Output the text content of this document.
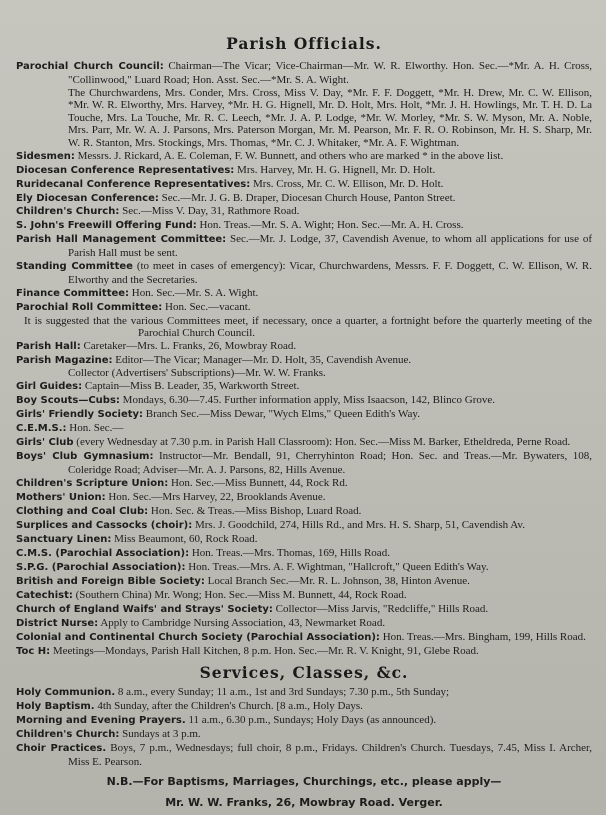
Parish Officials.
Parochial Church Council: Chairman—The Vicar; Vice-Chairman—Mr. W. R. Elworthy. Hon. Sec.—*Mr. A. H. Cross, "Collinwood," Luard Road; Hon. Asst. Sec.—*Mr. S. A. Wight.
The Churchwardens, Mrs. Conder, Mrs. Cross, Miss V. Day, *Mr. F. F. Doggett, *Mr. H. Drew, Mr. C. W. Ellison, *Mr. W. R. Elworthy, Mrs. Harvey, *Mr. H. G. Hignell, Mr. D. Holt, Mrs. Holt, *Mr. J. H. Howlings, Mr. T. H. D. La Touche, Mrs. La Touche, Mr. R. C. Leech, *Mr. J. A. P. Lodge, *Mr. W. Morley, *Mr. S. W. Myson, Mr. A. Noble, Mrs. Parr, Mr. W. A. J. Parsons, Mrs. Paterson Morgan, Mr. M. Pearson, Mr. F. R. O. Robinson, Mr. H. S. Sharp, Mr. W. R. Stanton, Mrs. Stockings, Mrs. Thomas, *Mr. C. J. Whitaker, *Mr. A. F. Wightman.
Sidesmen: Messrs. J. Rickard, A. E. Coleman, F. W. Bunnett, and others who are marked * in the above list.
Diocesan Conference Representatives: Mrs. Harvey, Mr. H. G. Hignell, Mr. D. Holt.
Ruridecanal Conference Representatives: Mrs. Cross, Mr. C. W. Ellison, Mr. D. Holt.
Ely Diocesan Conference: Sec.—Mr. J. G. B. Draper, Diocesan Church House, Panton Street.
Children's Church: Sec.—Miss V. Day, 31, Rathmore Road.
S. John's Freewill Offering Fund: Hon. Treas.—Mr. S. A. Wight; Hon. Sec.—Mr. A. H. Cross.
Parish Hall Management Committee: Sec.—Mr. J. Lodge, 37, Cavendish Avenue, to whom all applications for use of Parish Hall must be sent.
Standing Committee (to meet in cases of emergency): Vicar, Churchwardens, Messrs. F. F. Doggett, C. W. Ellison, W. R. Elworthy and the Secretaries.
Finance Committee: Hon. Sec.—Mr. S. A. Wight.
Parochial Roll Committee: Hon. Sec.—vacant.
It is suggested that the various Committees meet, if necessary, once a quarter, a fortnight before the quarterly meeting of the Parochial Church Council.
Parish Hall: Caretaker—Mrs. L. Franks, 26, Mowbray Road.
Parish Magazine: Editor—The Vicar; Manager—Mr. D. Holt, 35, Cavendish Avenue.
Collector (Advertisers' Subscriptions)—Mr. W. W. Franks.
Girl Guides: Captain—Miss B. Leader, 35, Warkworth Street.
Boy Scouts—Cubs: Mondays, 6.30—7.45. Further information apply, Miss Isaacson, 142, Blinco Grove.
Girls' Friendly Society: Branch Sec.—Miss Dewar, "Wych Elms," Queen Edith's Way.
C.E.M.S.: Hon. Sec.—
Girls' Club (every Wednesday at 7.30 p.m. in Parish Hall Classroom): Hon. Sec.—Miss M. Barker, Etheldreda, Perne Road.
Boys' Club Gymnasium: Instructor—Mr. Bendall, 91, Cherryhinton Road; Hon. Sec. and Treas.—Mr. Bywaters, 108, Coleridge Road; Adviser—Mr. A. J. Parsons, 82, Hills Avenue.
Children's Scripture Union: Hon. Sec.—Miss Bunnett, 44, Rock Rd.
Mothers' Union: Hon. Sec.—Mrs Harvey, 22, Brooklands Avenue.
Clothing and Coal Club: Hon. Sec. & Treas.—Miss Bishop, Luard Road.
Surplices and Cassocks (choir): Mrs. J. Goodchild, 274, Hills Rd., and Mrs. H. S. Sharp, 51, Cavendish Av.
Sanctuary Linen: Miss Beaumont, 60, Rock Road.
C.M.S. (Parochial Association): Hon. Treas.—Mrs. Thomas, 169, Hills Road.
S.P.G. (Parochial Association): Hon. Treas.—Mrs. A. F. Wightman, "Hallcroft," Queen Edith's Way.
British and Foreign Bible Society: Local Branch Sec.—Mr. R. L. Johnson, 38, Hinton Avenue.
Catechist: (Southern China) Mr. Wong; Hon. Sec.—Miss M. Bunnett, 44, Rock Road.
Church of England Waifs' and Strays' Society: Collector—Miss Jarvis, "Redcliffe," Hills Road.
District Nurse: Apply to Cambridge Nursing Association, 43, Newmarket Road.
Colonial and Continental Church Society (Parochial Association): Hon. Treas.—Mrs. Bingham, 199, Hills Road.
Toc H: Meetings—Mondays, Parish Hall Kitchen, 8 p.m. Hon. Sec.—Mr. R. V. Knight, 91, Glebe Road.
Services, Classes, &c.
Holy Communion. 8 a.m., every Sunday; 11 a.m., 1st and 3rd Sundays; 7.30 p.m., 5th Sunday;
Holy Baptism. 4th Sunday, after the Children's Church. [8 a.m., Holy Days.
Morning and Evening Prayers. 11 a.m., 6.30 p.m., Sundays; Holy Days (as announced).
Children's Church: Sundays at 3 p.m.
Choir Practices. Boys, 7 p.m., Wednesdays; full choir, 8 p.m., Fridays. Children's Church. Tuesdays, 7.45, Miss I. Archer, Miss E. Pearson.
N.B.—For Baptisms, Marriages, Churchings, etc., please apply—
Mr. W. W. Franks, 26, Mowbray Road. Verger.
